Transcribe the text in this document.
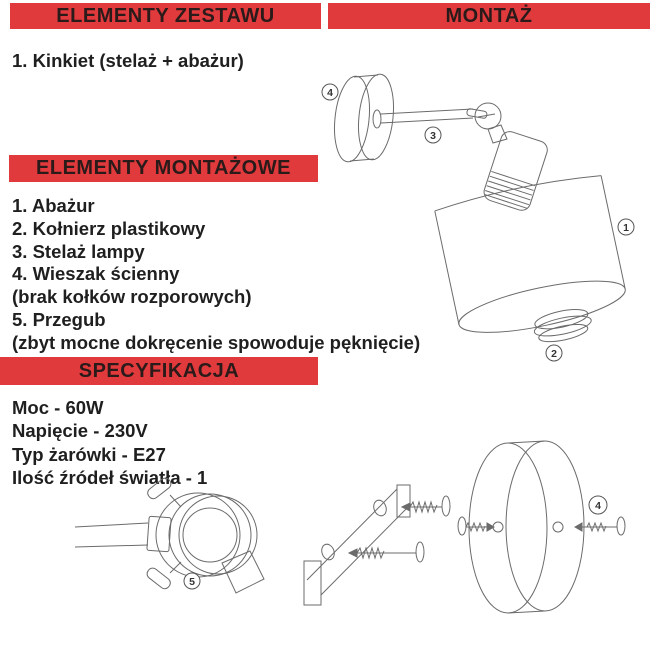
ELEMENTY ZESTAWU	MONTAŻ
1. Kinkiet (stelaż + abażur)
ELEMENTY MONTAŻOWE
1. Abażur
2. Kołnierz plastikowy
3. Stelaż lampy
4. Wieszak ścienny
(brak kołków rozporowych)
5. Przegub
(zbyt mocne dokręcenie spowoduje pęknięcie)
SPECYFIKACJA
Moc - 60W
Napięcie - 230V
Typ żarówki - E27
Ilość źródeł światła - 1
4
3
1
2
5
4
